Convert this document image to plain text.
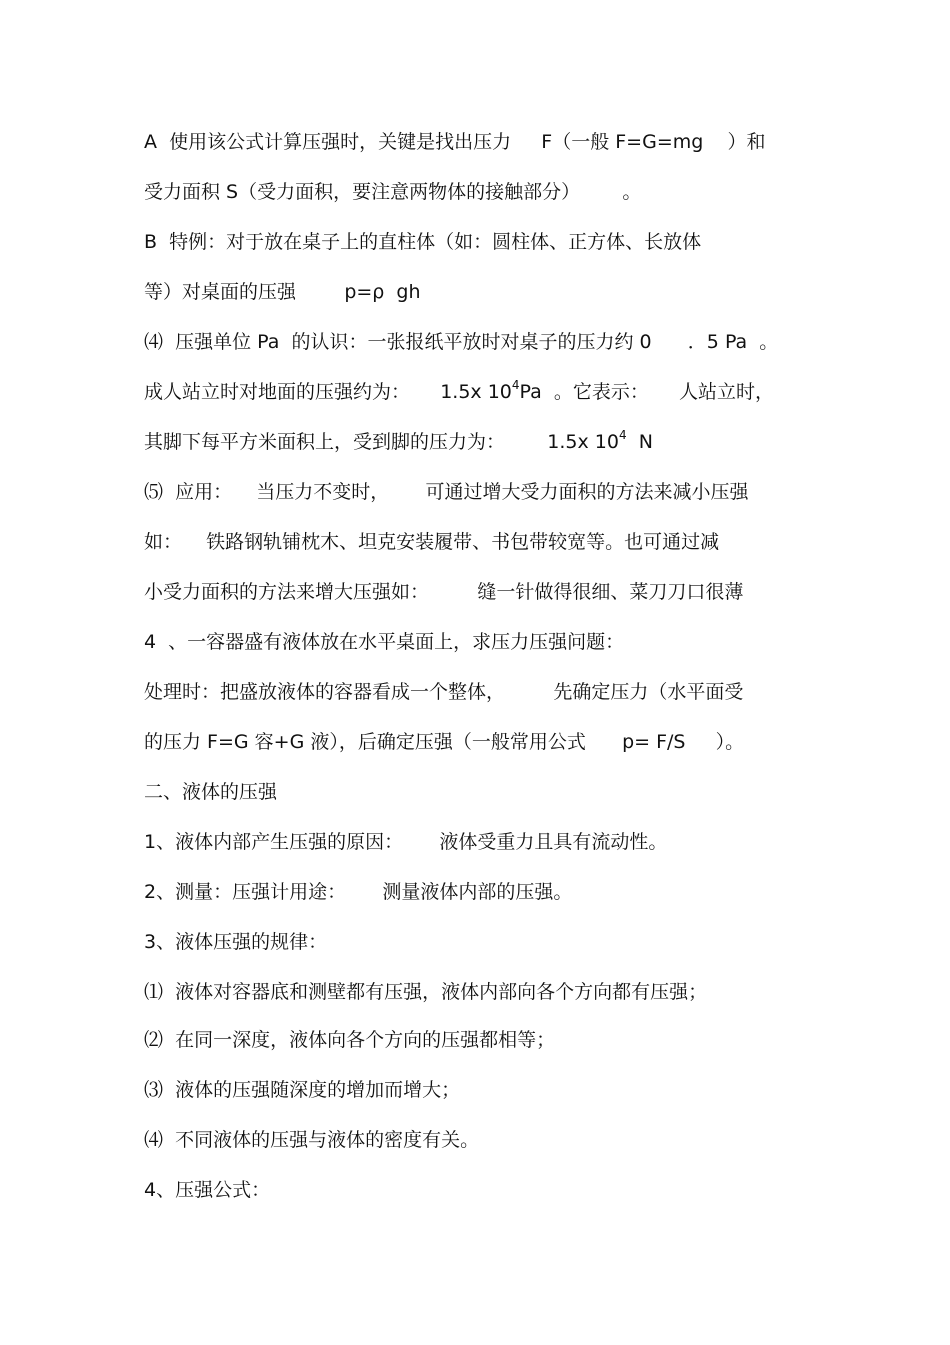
A  使用该公式计算压强时，关键是找出压力     F（一般 F=G=mg    ）和
受力面积 S（受力面积，要注意两物体的接触部分）       。
B  特例：对于放在桌子上的直柱体（如：圆柱体、正方体、长放体
等）对桌面的压强        p=ρ  gh
⑷  压强单位 Pa  的认识：一张报纸平放时对桌子的压力约 0      ．5 Pa  。
成人站立时对地面的压强约为：     1.5x $10^4Pa$  。它表示：     人站立时，
其脚下每平方米面积上，受到脚的压力为：       1.5x $10^4$  N
⑸  应用：    当压力不变时，      可通过增大受力面积的方法来减小压强
如：    铁路钢轨铺枕木、坦克安装履带、书包带较宽等。也可通过减
小受力面积的方法来增大压强如：        缝一针做得很细、菜刀刀口很薄
4  、一容器盛有液体放在水平桌面上，求压力压强问题：
处理时：把盛放液体的容器看成一个整体，        先确定压力（水平面受
的压力 F=G 容+G 液），后确定压强（一般常用公式      p= F/S     ）。
二、液体的压强
1、液体内部产生压强的原因：      液体受重力且具有流动性。
2、测量：压强计用途：      测量液体内部的压强。
3、液体压强的规律：
⑴  液体对容器底和测壁都有压强，液体内部向各个方向都有压强；
⑵  在同一深度，液体向各个方向的压强都相等；
⑶  液体的压强随深度的增加而增大；
⑷  不同液体的压强与液体的密度有关。
4、压强公式：
